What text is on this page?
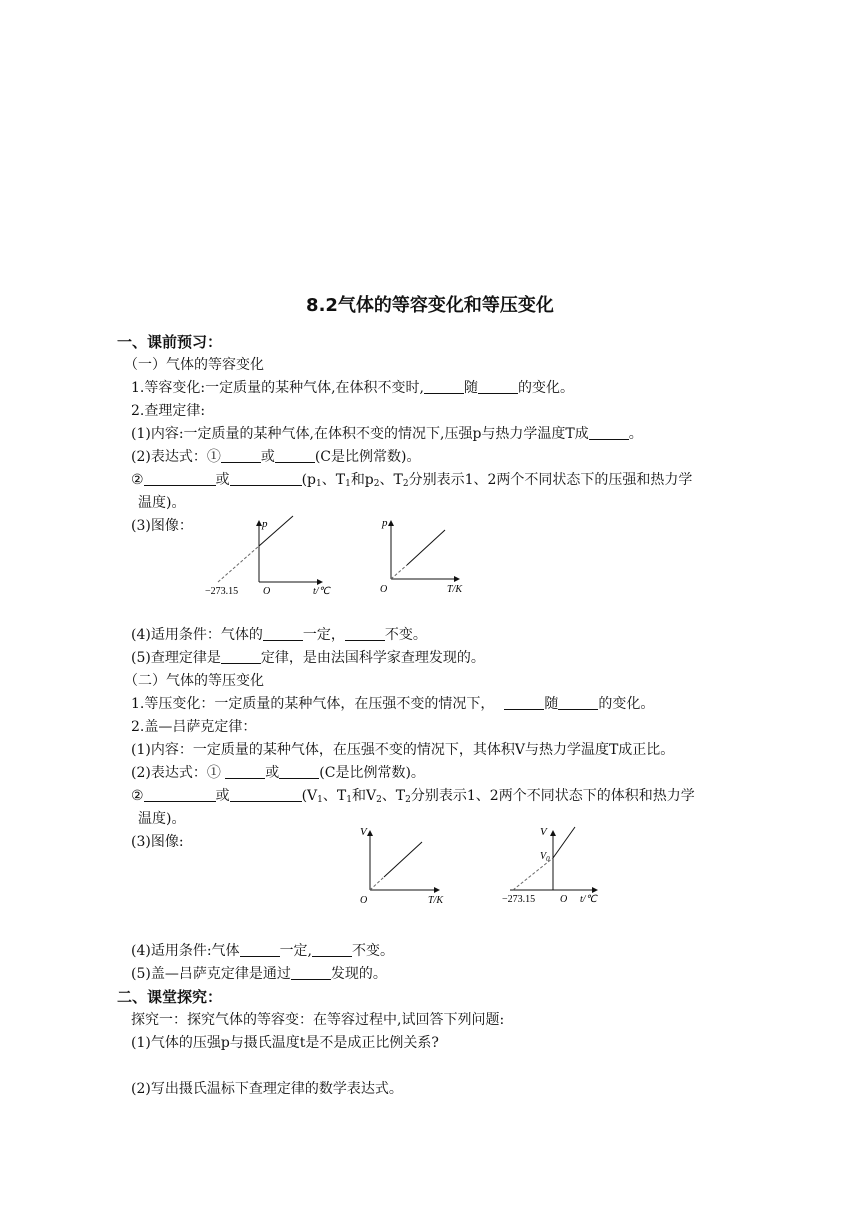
8.2气体的等容变化和等压变化
一、课前预习：
（一）气体的等容变化
1.等容变化:一定质量的某种气体,在体积不变时,	随	的变化。
2.查理定律:
(1)内容:一定质量的某种气体,在体积不变的情况下,压强p与热力学温度T成	。
(2)表达式：①	或	(C是比例常数)。
②	或	($p_1$、$T_1$和$p_2$、$T_2$分别表示1、2两个不同状态下的压强和热力学
温度)。
(3)图像：	p
−273.15 O	t/℃
p
O	T/K
(4)适用条件：气体的	一定，	不变。
(5)查理定律是	定律，是由法国科学家查理发现的。
（二）气体的等压变化
1.等压变化：一定质量的某种气体，在压强不变的情况下，	随	的变化。
2.盖—吕萨克定律：
(1)内容：一定质量的某种气体，在压强不变的情况下，其体积V与热力学温度T成正比。
(2)表达式：①	或	(C是比例常数)。
②	或	($V_1$、$T_1$和$V_2$、$T_2$分别表示1、2两个不同状态下的体积和热力学
温度)。
(3)图像:
V
O	T/K
V
$V_0$
−273.15 O t/℃
(4)适用条件:气体	一定,	不变。
(5)盖—吕萨克定律是通过	发现的。
二、课堂探究：
探究一：探究气体的等容变：在等容过程中,试回答下列问题:
(1)气体的压强p与摄氏温度t是不是成正比例关系?
(2)写出摄氏温标下查理定律的数学表达式。
